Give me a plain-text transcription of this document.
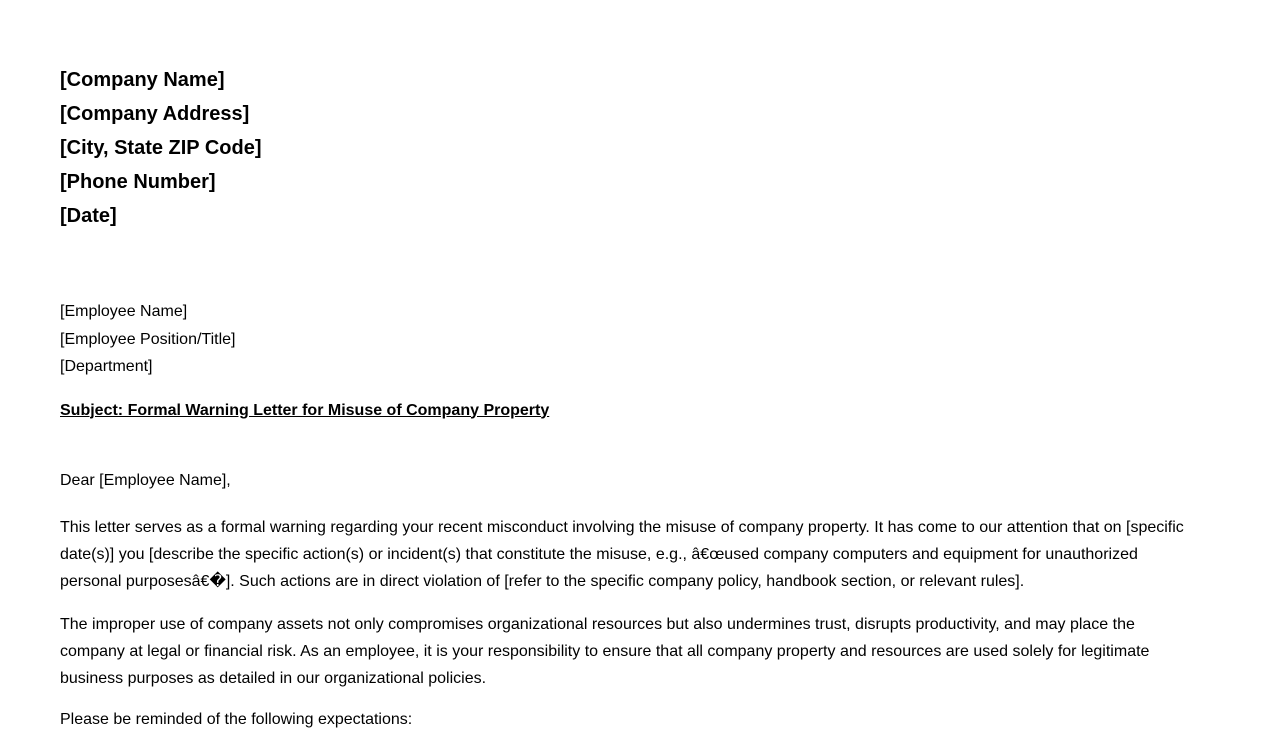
[Company Name]
[Company Address]
[City, State ZIP Code]
[Phone Number]
[Date]
[Employee Name]
[Employee Position/Title]
[Department]
Subject: Formal Warning Letter for Misuse of Company Property
Dear [Employee Name],
This letter serves as a formal warning regarding your recent misconduct involving the misuse of company property. It has come to our attention that on [specific date(s)] you [describe the specific action(s) or incident(s) that constitute the misuse, e.g., â€œused company computers and equipment for unauthorized personal purposesâ€�]. Such actions are in direct violation of [refer to the specific company policy, handbook section, or relevant rules].
The improper use of company assets not only compromises organizational resources but also undermines trust, disrupts productivity, and may place the company at legal or financial risk. As an employee, it is your responsibility to ensure that all company property and resources are used solely for legitimate business purposes as detailed in our organizational policies.
Please be reminded of the following expectations:
